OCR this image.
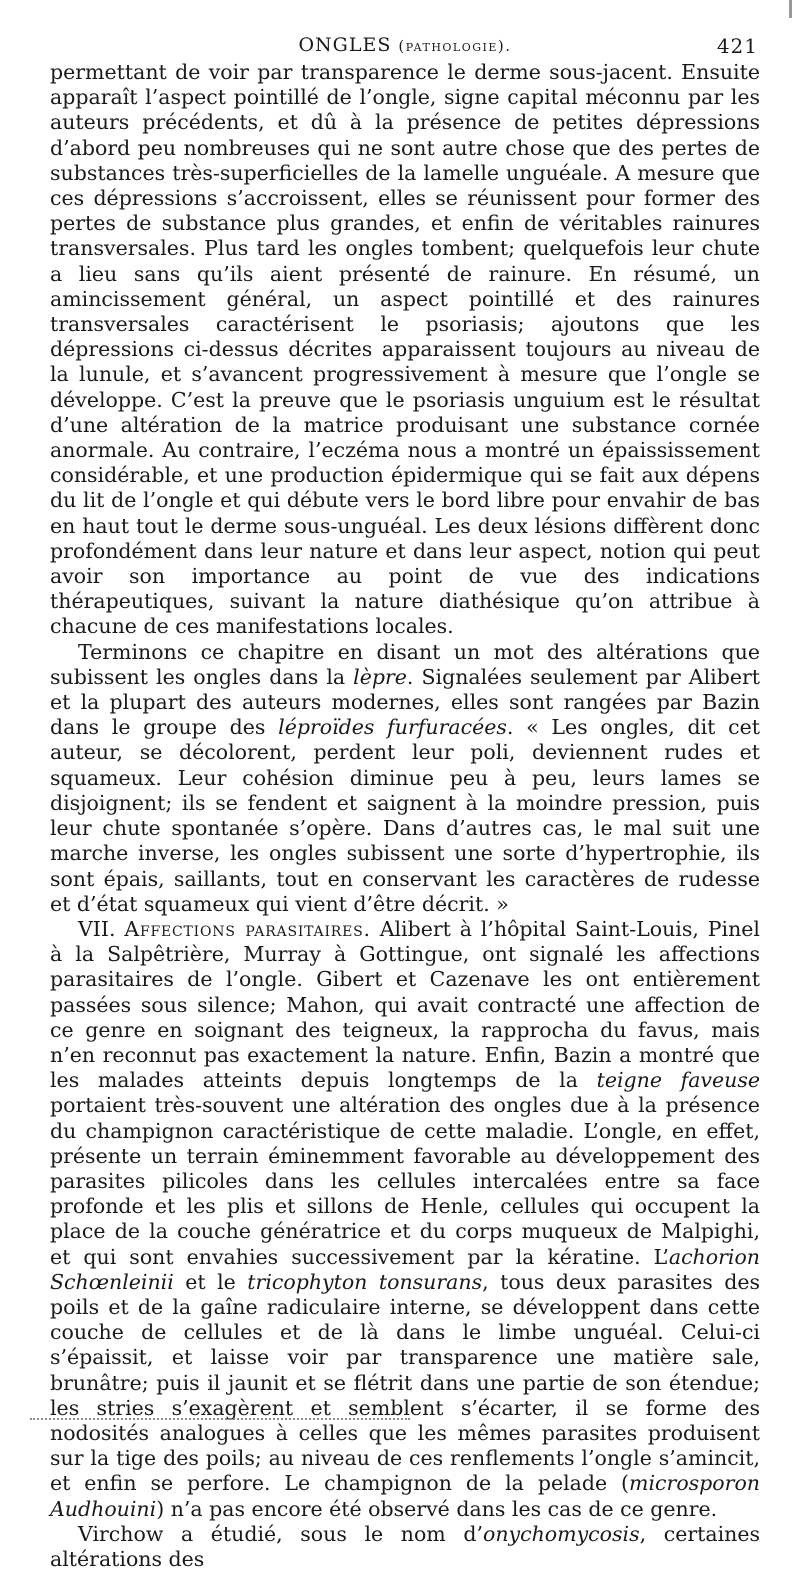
ONGLES (pathologie).	421

permettant de voir par transparence le derme sous-jacent. Ensuite apparaît l’aspect pointillé de l’ongle, signe capital méconnu par les auteurs précédents, et dû à la présence de petites dépressions d’abord peu nombreuses qui ne sont autre chose que des pertes de substances très-superficielles de la lamelle unguéale. A mesure que ces dépressions s’accroissent, elles se réunissent pour former des pertes de substance plus grandes, et enfin de véritables rainures transversales. Plus tard les ongles tombent; quelquefois leur chute a lieu sans qu’ils aient présenté de rainure. En résumé, un amincissement général, un aspect pointillé et des rainures transversales caractérisent le psoriasis; ajoutons que les dépressions ci-dessus décrites apparaissent toujours au niveau de la lunule, et s’avancent progressivement à mesure que l’ongle se développe. C’est la preuve que le psoriasis unguium est le résultat d’une altération de la matrice produisant une substance cornée anormale. Au contraire, l’eczéma nous a montré un épaississement considérable, et une production épidermique qui se fait aux dépens du lit de l’ongle et qui débute vers le bord libre pour envahir de bas en haut tout le derme sous-unguéal. Les deux lésions diffèrent donc profondément dans leur nature et dans leur aspect, notion qui peut avoir son importance au point de vue des indications thérapeutiques, suivant la nature diathésique qu’on attribue à chacune de ces manifestations locales.

Terminons ce chapitre en disant un mot des altérations que subissent les ongles dans la lèpre. Signalées seulement par Alibert et la plupart des auteurs modernes, elles sont rangées par Bazin dans le groupe des léproïdes furfuracées. « Les ongles, dit cet auteur, se décolorent, perdent leur poli, deviennent rudes et squameux. Leur cohésion diminue peu à peu, leurs lames se disjoignent; ils se fendent et saignent à la moindre pression, puis leur chute spontanée s’opère. Dans d’autres cas, le mal suit une marche inverse, les ongles subissent une sorte d’hypertrophie, ils sont épais, saillants, tout en conservant les caractères de rudesse et d’état squameux qui vient d’être décrit. »

VII. Affections parasitaires. Alibert à l’hôpital Saint-Louis, Pinel à la Salpêtrière, Murray à Gottingue, ont signalé les affections parasitaires de l’ongle. Gibert et Cazenave les ont entièrement passées sous silence; Mahon, qui avait contracté une affection de ce genre en soignant des teigneux, la rapprocha du favus, mais n’en reconnut pas exactement la nature. Enfin, Bazin a montré que les malades atteints depuis longtemps de la teigne faveuse portaient très-souvent une altération des ongles due à la présence du champignon caractéristique de cette maladie. L’ongle, en effet, présente un terrain éminemment favorable au développement des parasites pilicoles dans les cellules intercalées entre sa face profonde et les plis et sillons de Henle, cellules qui occupent la place de la couche génératrice et du corps muqueux de Malpighi, et qui sont envahies successivement par la kératine. L’achorion Schœnleinii et le tricophyton tonsurans, tous deux parasites des poils et de la gaîne radiculaire interne, se développent dans cette couche de cellules et de là dans le limbe unguéal. Celui-ci s’épaissit, et laisse voir par transparence une matière sale, brunâtre; puis il jaunit et se flétrit dans une partie de son étendue; les stries s’exagèrent et semblent s’écarter, il se forme des nodosités analogues à celles que les mêmes parasites produisent sur la tige des poils; au niveau de ces renflements l’ongle s’amincit, et enfin se perfore. Le champignon de la pelade (microsporon Audhouini) n’a pas encore été observé dans les cas de ce genre.

Virchow a étudié, sous le nom d’onychomycosis, certaines altérations des
